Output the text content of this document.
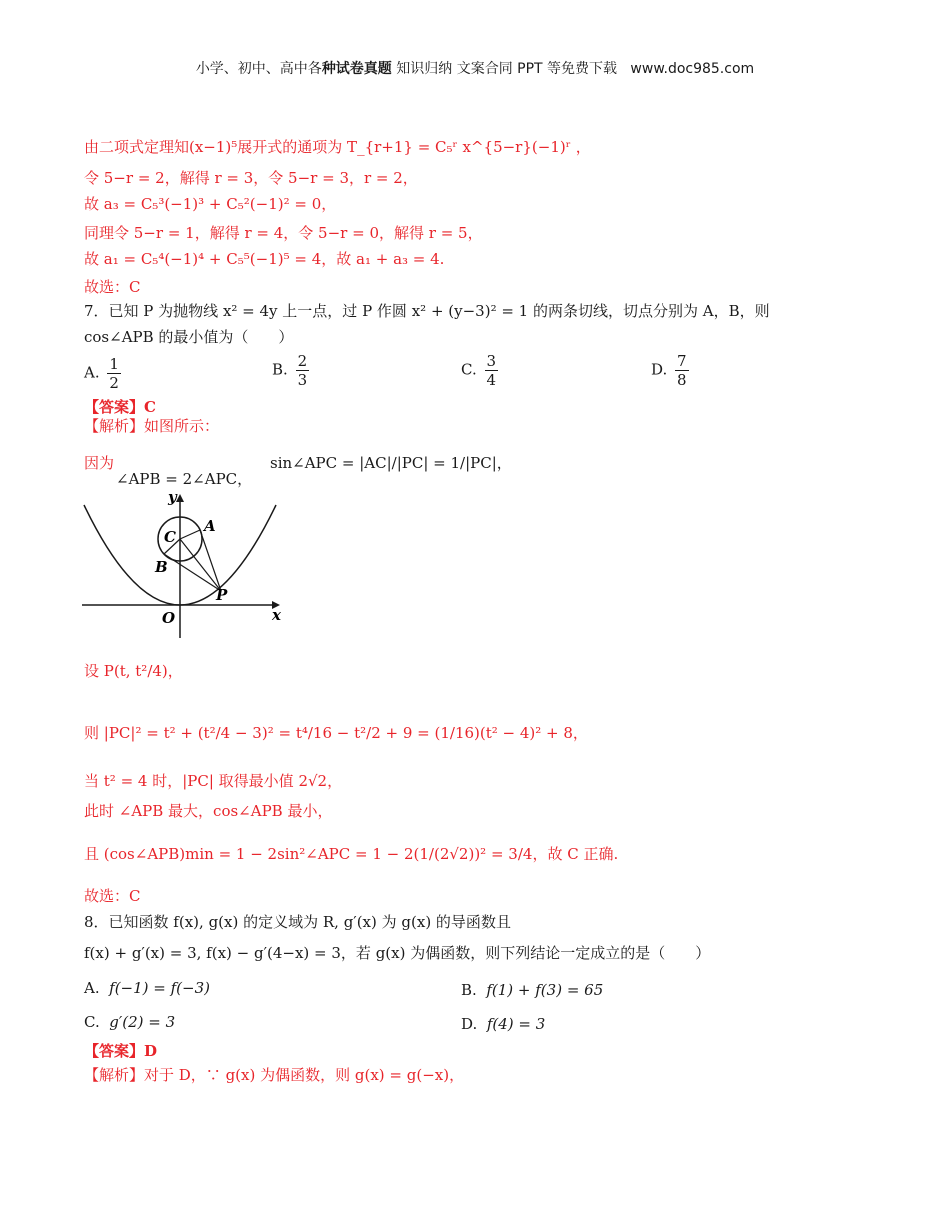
小学、初中、高中各种试卷真题 知识归纳 文案合同 PPT 等免费下载 www.doc985.com
由二项式定理知(x−1)⁵展开式的通项为 T_{r+1} = C₅ʳ x^{5−r}(−1)ʳ ，
令 5−r = 2，解得 r = 3，令 5−r = 3，r = 2，
故 a₃ = C₅³(−1)³ + C₅²(−1)² = 0，
同理令 5−r = 1，解得 r = 4，令 5−r = 0，解得 r = 5，
故 a₁ = C₅⁴(−1)⁴ + C₅⁵(−1)⁵ = 4，故 a₁ + a₃ = 4.
故选：C
7．已知 P 为抛物线 x² = 4y 上一点，过 P 作圆 x² + (y−3)² = 1 的两条切线，切点分别为 A，B，则
cos∠APB 的最小值为（　　）
A. $\frac{1}{2}$	B. $\frac{2}{3}$	C. $\frac{3}{4}$	D. $\frac{7}{8}$
【答案】C
【解析】如图所示：
因为
∠APB = 2∠APC，
sin∠APC = |AC|/|PC| = 1/|PC|，
y
x
O
A
B
C
P
设 P(t, t²/4)，
则 |PC|² = t² + (t²/4 − 3)² = t⁴/16 − t²/2 + 9 = (1/16)(t² − 4)² + 8，
当 t² = 4 时，|PC| 取得最小值 2√2，
此时 ∠APB 最大，cos∠APB 最小，
且 (cos∠APB)min = 1 − 2sin²∠APC = 1 − 2(1/(2√2))² = 3/4，故 C 正确.
故选：C
8．已知函数 f(x), g(x) 的定义域为 R, g′(x) 为 g(x) 的导函数且
f(x) + g′(x) = 3, f(x) − g′(4−x) = 3，若 g(x) 为偶函数，则下列结论一定成立的是（　　）
A. f(−1) = f(−3)	B. f(1) + f(3) = 65
C. g′(2) = 3	D. f(4) = 3
【答案】D
【解析】对于 D，∵ g(x) 为偶函数，则 g(x) = g(−x)，
